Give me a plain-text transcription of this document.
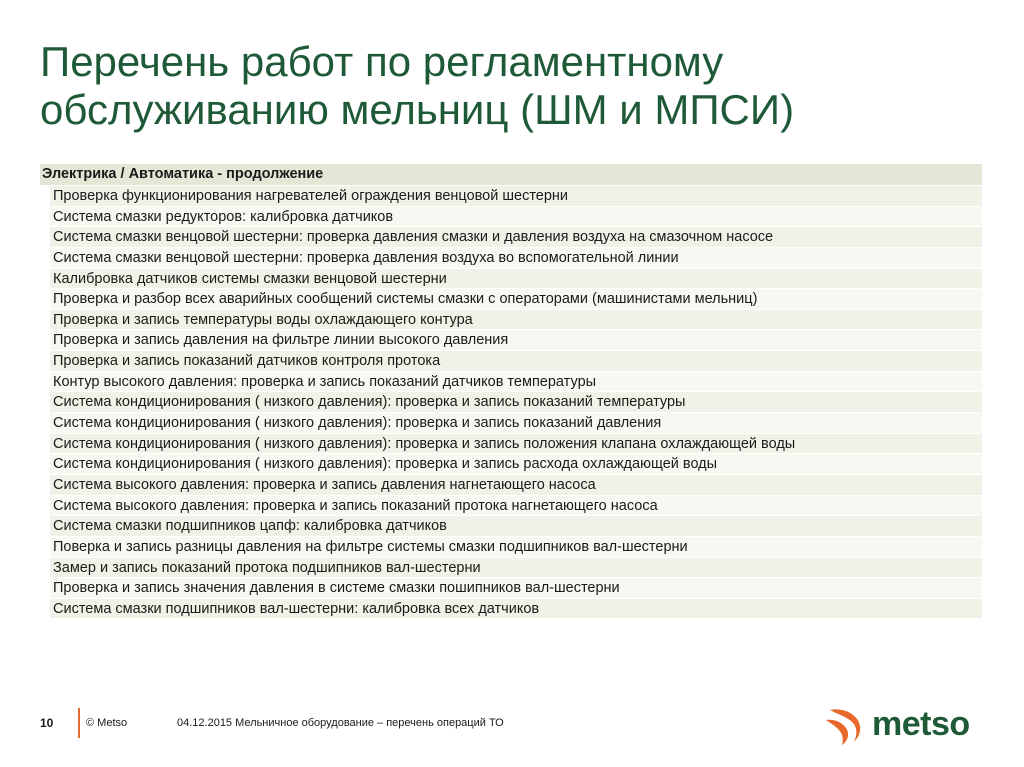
Перечень работ по регламентному
обслуживанию мельниц (ШМ и МПСИ)
Электрика / Автоматика - продолжение
Проверка функционирования нагревателей ограждения венцовой шестерни
Система смазки редукторов: калибровка датчиков
Система смазки венцовой шестерни: проверка давления смазки и давления воздуха на смазочном насосе
Система смазки венцовой шестерни: проверка давления воздуха во вспомогательной линии
Калибровка датчиков системы смазки венцовой шестерни
Проверка и разбор всех аварийных сообщений системы смазки с операторами (машинистами мельниц)
Проверка и запись температуры воды охлаждающего контура
Проверка и запись давления на фильтре линии высокого давления
Проверка и запись показаний датчиков контроля протока
Контур высокого давления: проверка и запись показаний датчиков температуры
Система кондиционирования ( низкого давления): проверка и запись показаний температуры
Система кондиционирования ( низкого давления): проверка и запись показаний давления
Система кондиционирования ( низкого давления): проверка и запись положения клапана охлаждающей воды
Система кондиционирования ( низкого давления): проверка и запись расхода охлаждающей воды
Система высокого давления: проверка и запись давления нагнетающего насоса
Система высокого давления: проверка и запись показаний протока нагнетающего насоса
Система смазки подшипников цапф: калибровка датчиков
Поверка и запись разницы давления на фильтре системы смазки подшипников вал-шестерни
Замер и запись показаний протока подшипников вал-шестерни
Проверка и запись значения давления в системе смазки пошипников вал-шестерни
Система смазки подшипников вал-шестерни: калибровка всех датчиков
10	© Metso	04.12.2015 Мельничное оборудование – перечень операций ТО	metso
